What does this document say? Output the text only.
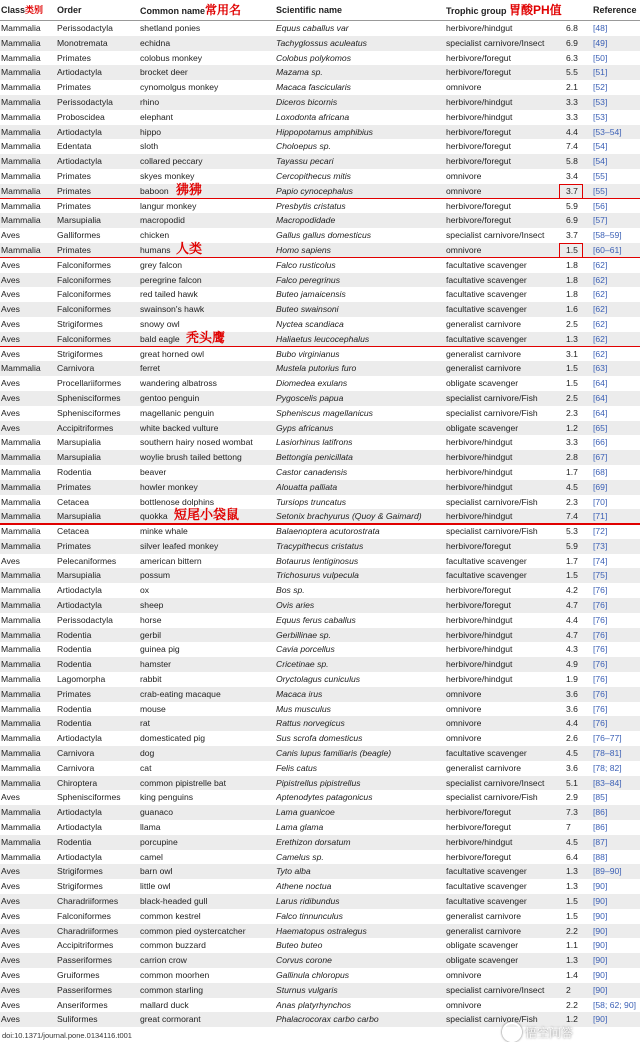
Class类别	Order	Common name常用名	Scientific name	Trophic group 胃酸PH值	Reference
Mammalia	Perissodactyla	shetland ponies	Equus caballus var	herbivore/hindgut	6.8	[48]
Mammalia	Monotremata	echidna	Tachyglossus aculeatus	specialist carnivore/Insect	6.9	[49]
Mammalia	Primates	colobus monkey	Colobus polykomos	herbivore/foregut	6.3	[50]
Mammalia	Artiodactyla	brocket deer	Mazama sp.	herbivore/foregut	5.5	[51]
Mammalia	Primates	cynomolgus monkey	Macaca fascicularis	omnivore	2.1	[52]
Mammalia	Perissodactyla	rhino	Diceros bicornis	herbivore/hindgut	3.3	[53]
Mammalia	Proboscidea	elephant	Loxodonta africana	herbivore/hindgut	3.3	[53]
Mammalia	Artiodactyla	hippo	Hippopotamus amphibius	herbivore/foregut	4.4	[53–54]
Mammalia	Edentata	sloth	Choloepus sp.	herbivore/foregut	7.4	[54]
Mammalia	Artiodactyla	collared peccary	Tayassu pecari	herbivore/foregut	5.8	[54]
Mammalia	Primates	skyes monkey	Cercopithecus mitis	omnivore	3.4	[55]
Mammalia	Primates	baboon	Papio cynocephalus	omnivore	3.7	[55]
Mammalia	Primates	langur monkey	Presbytis cristatus	herbivore/foregut	5.9	[56]
Mammalia	Marsupialia	macropodid	Macropodidade	herbivore/foregut	6.9	[57]
Aves	Galliformes	chicken	Gallus gallus domesticus	specialist carnivore/Insect	3.7	[58–59]
Mammalia	Primates	humans	Homo sapiens	omnivore	1.5	[60–61]
Aves	Falconiformes	grey falcon	Falco rusticolus	facultative scavenger	1.8	[62]
Aves	Falconiformes	peregrine falcon	Falco peregrinus	facultative scavenger	1.8	[62]
Aves	Falconiformes	red tailed hawk	Buteo jamaicensis	facultative scavenger	1.8	[62]
Aves	Falconiformes	swainson's hawk	Buteo swainsoni	facultative scavenger	1.6	[62]
Aves	Strigiformes	snowy owl	Nyctea scandiaca	generalist carnivore	2.5	[62]
Aves	Falconiformes	bald eagle	Haliaetus leucocephalus	facultative scavenger	1.3	[62]
Aves	Strigiformes	great horned owl	Bubo virginianus	generalist carnivore	3.1	[62]
Mammalia	Carnivora	ferret	Mustela putorius furo	generalist carnivore	1.5	[63]
Aves	Procellariiformes	wandering albatross	Diomedea exulans	obligate scavenger	1.5	[64]
Aves	Sphenisciformes	gentoo penguin	Pygoscelis papua	specialist carnivore/Fish	2.5	[64]
Aves	Sphenisciformes	magellanic penguin	Spheniscus magellanicus	specialist carnivore/Fish	2.3	[64]
Aves	Accipitriformes	white backed vulture	Gyps africanus	obligate scavenger	1.2	[65]
Mammalia	Marsupialia	southern hairy nosed wombat	Lasiorhinus latifrons	herbivore/hindgut	3.3	[66]
Mammalia	Marsupialia	woylie brush tailed bettong	Bettongia penicillata	herbivore/hindgut	2.8	[67]
Mammalia	Rodentia	beaver	Castor canadensis	herbivore/hindgut	1.7	[68]
Mammalia	Primates	howler monkey	Alouatta palliata	herbivore/hindgut	4.5	[69]
Mammalia	Cetacea	bottlenose dolphins	Tursiops truncatus	specialist carnivore/Fish	2.3	[70]
Mammalia	Marsupialia	quokka	Setonix brachyurus (Quoy & Gaimard)	herbivore/hindgut	7.4	[71]
Mammalia	Cetacea	minke whale	Balaenoptera acutorostrata	specialist carnivore/Fish	5.3	[72]
Mammalia	Primates	silver leafed monkey	Tracypithecus cristatus	herbivore/foregut	5.9	[73]
Aves	Pelecaniformes	american bittern	Botaurus lentiginosus	facultative scavenger	1.7	[74]
Mammalia	Marsupialia	possum	Trichosurus vulpecula	facultative scavenger	1.5	[75]
Mammalia	Artiodactyla	ox	Bos sp.	herbivore/foregut	4.2	[76]
Mammalia	Artiodactyla	sheep	Ovis aries	herbivore/foregut	4.7	[76]
Mammalia	Perissodactyla	horse	Equus ferus caballus	herbivore/hindgut	4.4	[76]
Mammalia	Rodentia	gerbil	Gerbillinae sp.	herbivore/hindgut	4.7	[76]
Mammalia	Rodentia	guinea pig	Cavia porcellus	herbivore/hindgut	4.3	[76]
Mammalia	Rodentia	hamster	Cricetinae sp.	herbivore/hindgut	4.9	[76]
Mammalia	Lagomorpha	rabbit	Oryctolagus cuniculus	herbivore/hindgut	1.9	[76]
Mammalia	Primates	crab-eating macaque	Macaca irus	omnivore	3.6	[76]
Mammalia	Rodentia	mouse	Mus musculus	omnivore	3.6	[76]
Mammalia	Rodentia	rat	Rattus norvegicus	omnivore	4.4	[76]
Mammalia	Artiodactyla	domesticated pig	Sus scrofa domesticus	omnivore	2.6	[76–77]
Mammalia	Carnivora	dog	Canis lupus familiaris (beagle)	facultative scavenger	4.5	[78–81]
Mammalia	Carnivora	cat	Felis catus	generalist carnivore	3.6	[78; 82]
Mammalia	Chiroptera	common pipistrelle bat	Pipistrellus pipistrellus	specialist carnivore/Insect	5.1	[83–84]
Aves	Sphenisciformes	king penguins	Aptenodytes patagonicus	specialist carnivore/Fish	2.9	[85]
Mammalia	Artiodactyla	guanaco	Lama guanicoe	herbivore/foregut	7.3	[86]
Mammalia	Artiodactyla	llama	Lama glama	herbivore/foregut	7	[86]
Mammalia	Rodentia	porcupine	Erethizon dorsatum	herbivore/hindgut	4.5	[87]
Mammalia	Artiodactyla	camel	Camelus sp.	herbivore/foregut	6.4	[88]
Aves	Strigiformes	barn owl	Tyto alba	facultative scavenger	1.3	[89–90]
Aves	Strigiformes	little owl	Athene noctua	facultative scavenger	1.3	[90]
Aves	Charadriiformes	black-headed gull	Larus ridibundus	facultative scavenger	1.5	[90]
Aves	Falconiformes	common kestrel	Falco tinnunculus	generalist carnivore	1.5	[90]
Aves	Charadriiformes	common pied oystercatcher	Haematopus ostralegus	generalist carnivore	2.2	[90]
Aves	Accipitriformes	common buzzard	Buteo buteo	obligate scavenger	1.1	[90]
Aves	Passeriformes	carrion crow	Corvus corone	obligate scavenger	1.3	[90]
Aves	Gruiformes	common moorhen	Gallinula chloropus	omnivore	1.4	[90]
Aves	Passeriformes	common starling	Sturnus vulgaris	specialist carnivore/Insect	2	[90]
Aves	Anseriformes	mallard duck	Anas platyrhynchos	omnivore	2.2	[58; 62; 90]
Aves	Suliformes	great cormorant	Phalacrocorax carbo carbo	specialist carnivore/Fish	1.2	[90]
狒狒
人类
秃头鹰
短尾小袋鼠
doi:10.1371/journal.pone.0134116.t001	悟空问答
